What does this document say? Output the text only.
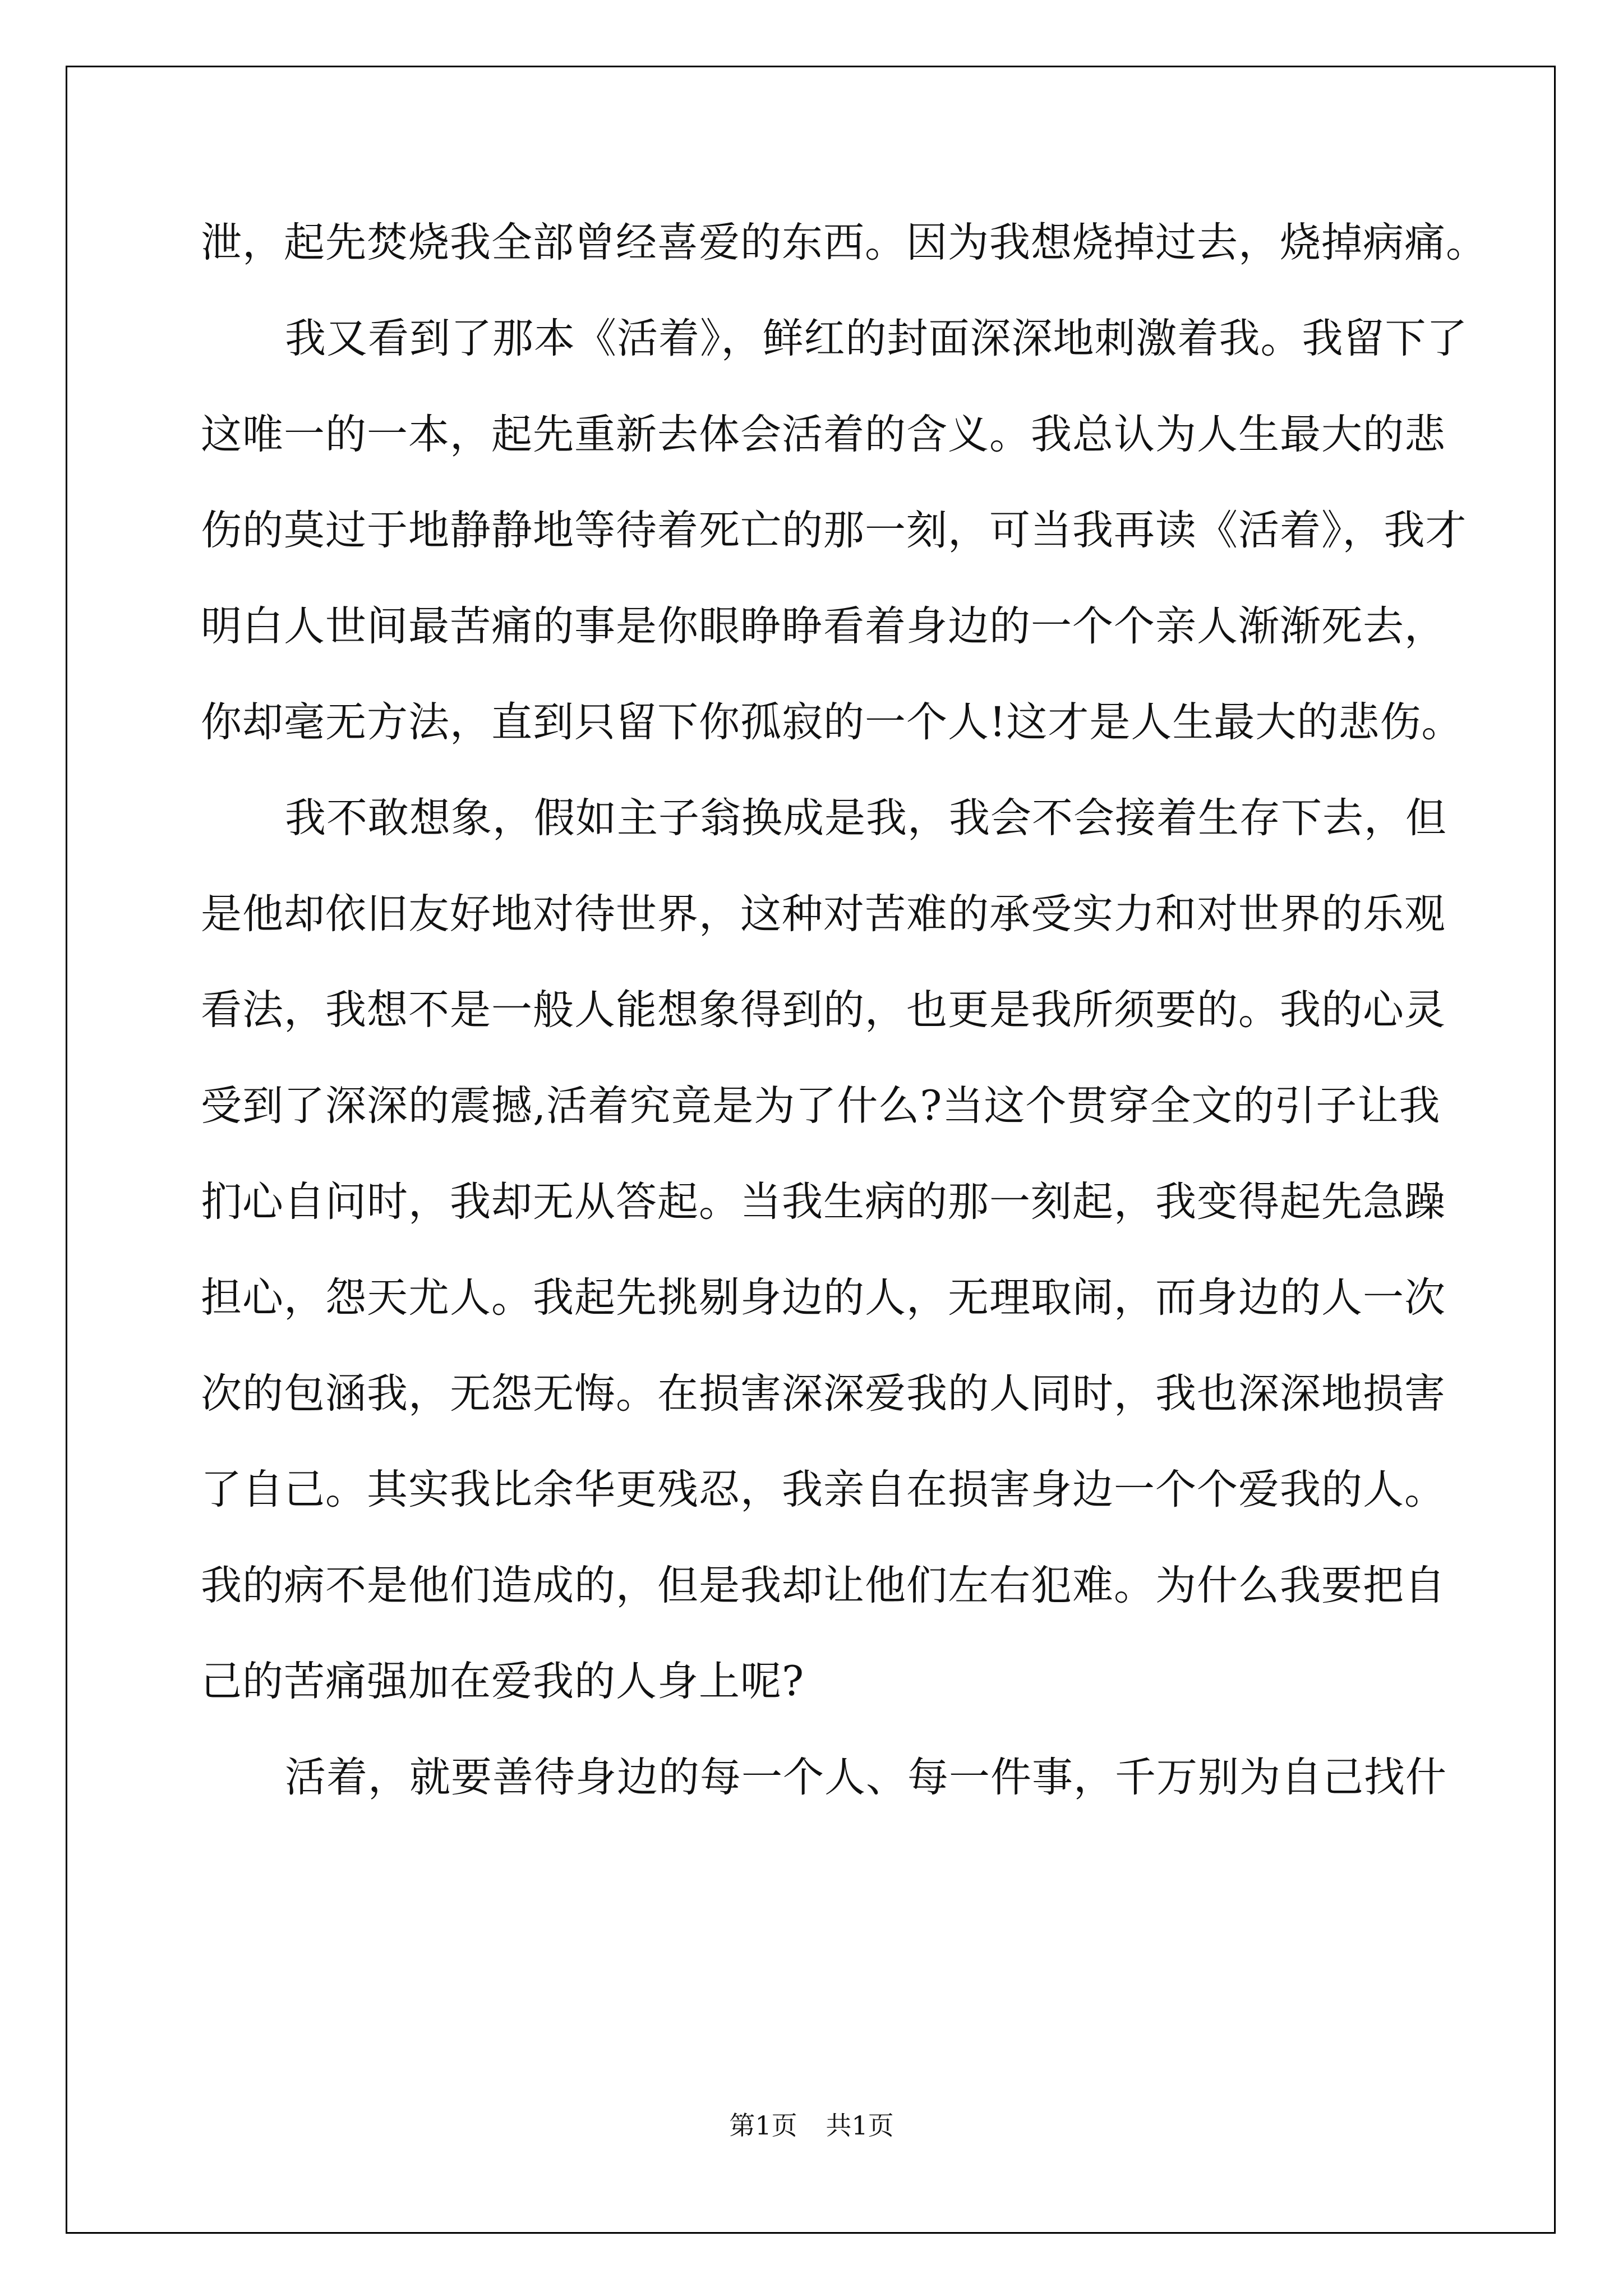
泄，起先焚烧我全部曾经喜爱的东西。因为我想烧掉过去，烧掉病痛。
我又看到了那本《活着》，鲜红的封面深深地刺激着我。我留下了
这唯一的一本，起先重新去体会活着的含义。我总认为人生最大的悲
伤的莫过于地静静地等待着死亡的那一刻，可当我再读《活着》，我才
明白人世间最苦痛的事是你眼睁睁看着身边的一个个亲人渐渐死去，
你却毫无方法，直到只留下你孤寂的一个人!这才是人生最大的悲伤。
我不敢想象，假如主子翁换成是我，我会不会接着生存下去，但
是他却依旧友好地对待世界，这种对苦难的承受实力和对世界的乐观
看法，我想不是一般人能想象得到的，也更是我所须要的。我的心灵
受到了深深的震撼,活着究竟是为了什么?当这个贯穿全文的引子让我
扪心自问时，我却无从答起。当我生病的那一刻起，我变得起先急躁
担心，怨天尤人。我起先挑剔身边的人，无理取闹，而身边的人一次
次的包涵我，无怨无悔。在损害深深爱我的人同时，我也深深地损害
了自己。其实我比余华更残忍，我亲自在损害身边一个个爱我的人。
我的病不是他们造成的，但是我却让他们左右犯难。为什么我要把自
己的苦痛强加在爱我的人身上呢?
活着，就要善待身边的每一个人、每一件事，千万别为自己找什
第1页 共1页
